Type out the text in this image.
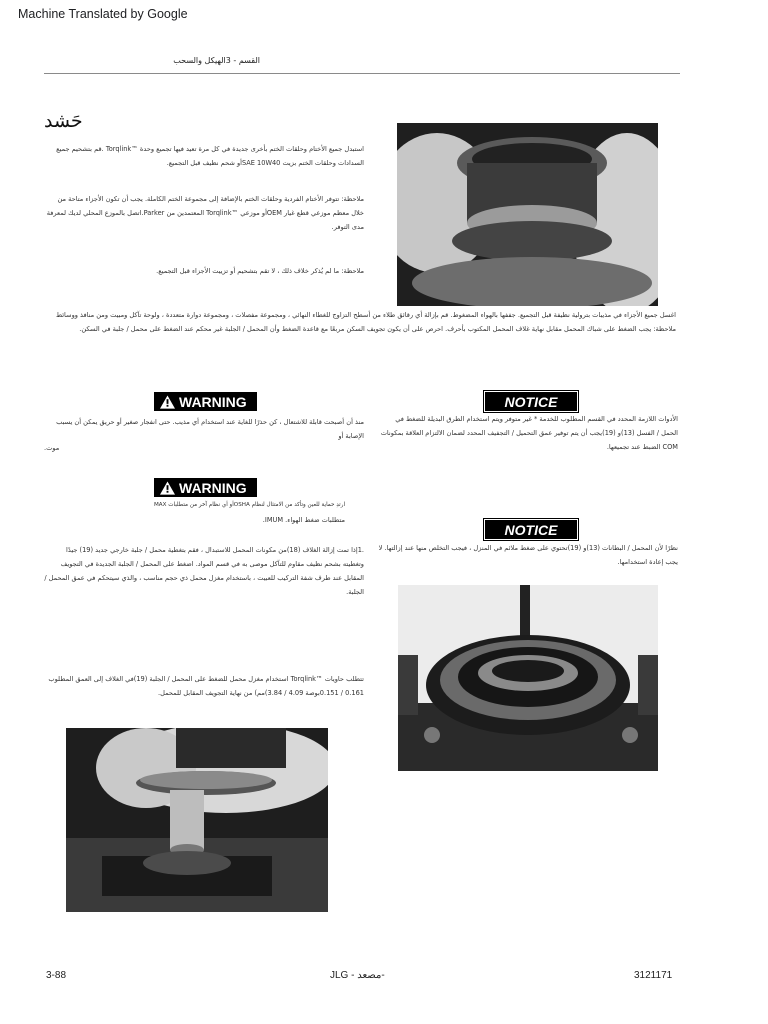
Machine Translated by Google
القسم - 3الهيكل والسحب
حَشد

استبدل جميع الأختام وحلقات الختم بأخرى جديدة في كل مرة تعيد فيها تجميع وحدة ™Torqlink .قم بتشحيم جميع السدادات وحلقات الختم بزيت SAE 10W40أو شحم نظيف قبل التجميع.

ملاحظة: تتوفر الأختام الفردية وحلقات الختم بالإضافة إلى مجموعة الختم الكاملة. يجب أن تكون الأجزاء متاحة من خلال معظم موزعي قطع غيار OEMأو موزعي ™Torqlink المعتمدين من Parker.اتصل بالموزع المحلي لديك لمعرفة مدى التوفر.

ملاحظة: ما لم يُذكر خلاف ذلك ، لا تقم بتشحيم أو تزييت الأجزاء قبل التجميع.

WARNING

منذ أن أصبحت قابلة للاشتعال ، كن حذرًا للغاية عند استخدام أي مذيب. حتى انفجار صغير أو حريق يمكن أن يسبب الإصابة أو

موت.

WARNING

ارتدِ حماية للعين وتأكد من الامتثال لنظام OSHAأو أي نظام آخر من متطلبات MAX

متطلبات ضغط الهواء. IMUM.

.1إذا تمت إزالة الغلاف (18)من مكونات المحمل للاستبدال ، فقم بتغطية محمل / جلبة خارجي جديد (19) جيدًا وتغطيته بشحم نظيف مقاوم للتآكل موصى به في قسم المواد. اضغط على المحمل / الجلبة الجديدة في التجويف المقابل عند طرف شفة التركيب للعبيت ، باستخدام مغزل محمل ذي حجم مناسب ، والذي سيتحكم في عمق المحمل / الجلبة.

تتطلب حاويات ™Torqlink استخدام مغزل محمل للضغط على المحمل / الجلبة (19)في الغلاف إلى العمق المطلوب 0.161 / 0.151بوصة 4.09 / 3.84)مم) من نهاية التجويف المقابل للمحمل.

اغسل جميع الأجزاء في مذيبات بترولية نظيفة قبل التجميع. جففها بالهواء المضغوط. قم بإزالة أي رقائق طلاء من أسطح التزاوج للغطاء النهائي ، ومجموعة مفصلات ، ومجموعة دوارة متعددة ، ولوحة تآكل ومبيت ومن منافذ ووسائط ملاحظة: يجب الضغط على شباك المحمل مقابل نهاية غلاف المحمل المكتوب بأحرف. احرص على أن يكون تجويف السكن مربعًا مع قاعدة الضغط وأن المحمل / الجلبة غير محكم عند الضغط على محمل / جلبة في السكن.

NOTICE

الأدوات اللازمة المحدد في القسم المطلوب للخدمة * غير متوفر ويتم استخدام الطرق البديلة للضغط في الحمل / الفسل (13)و (19)يجب أن يتم توفير عمق التحميل / التجفيف المحدد لضمان الالتزام العلاقة بمكونات COM الضبط عند تجميعها.

NOTICE

نظرًا لأن المحمل / البطانات (13)و (19)تحتوي على ضغط ملائم في المنزل ، فيجب التخلص منها عند إزالتها. لا يجب إعادة استخدامها.

3-88	JLG - مصعد-	3121171
